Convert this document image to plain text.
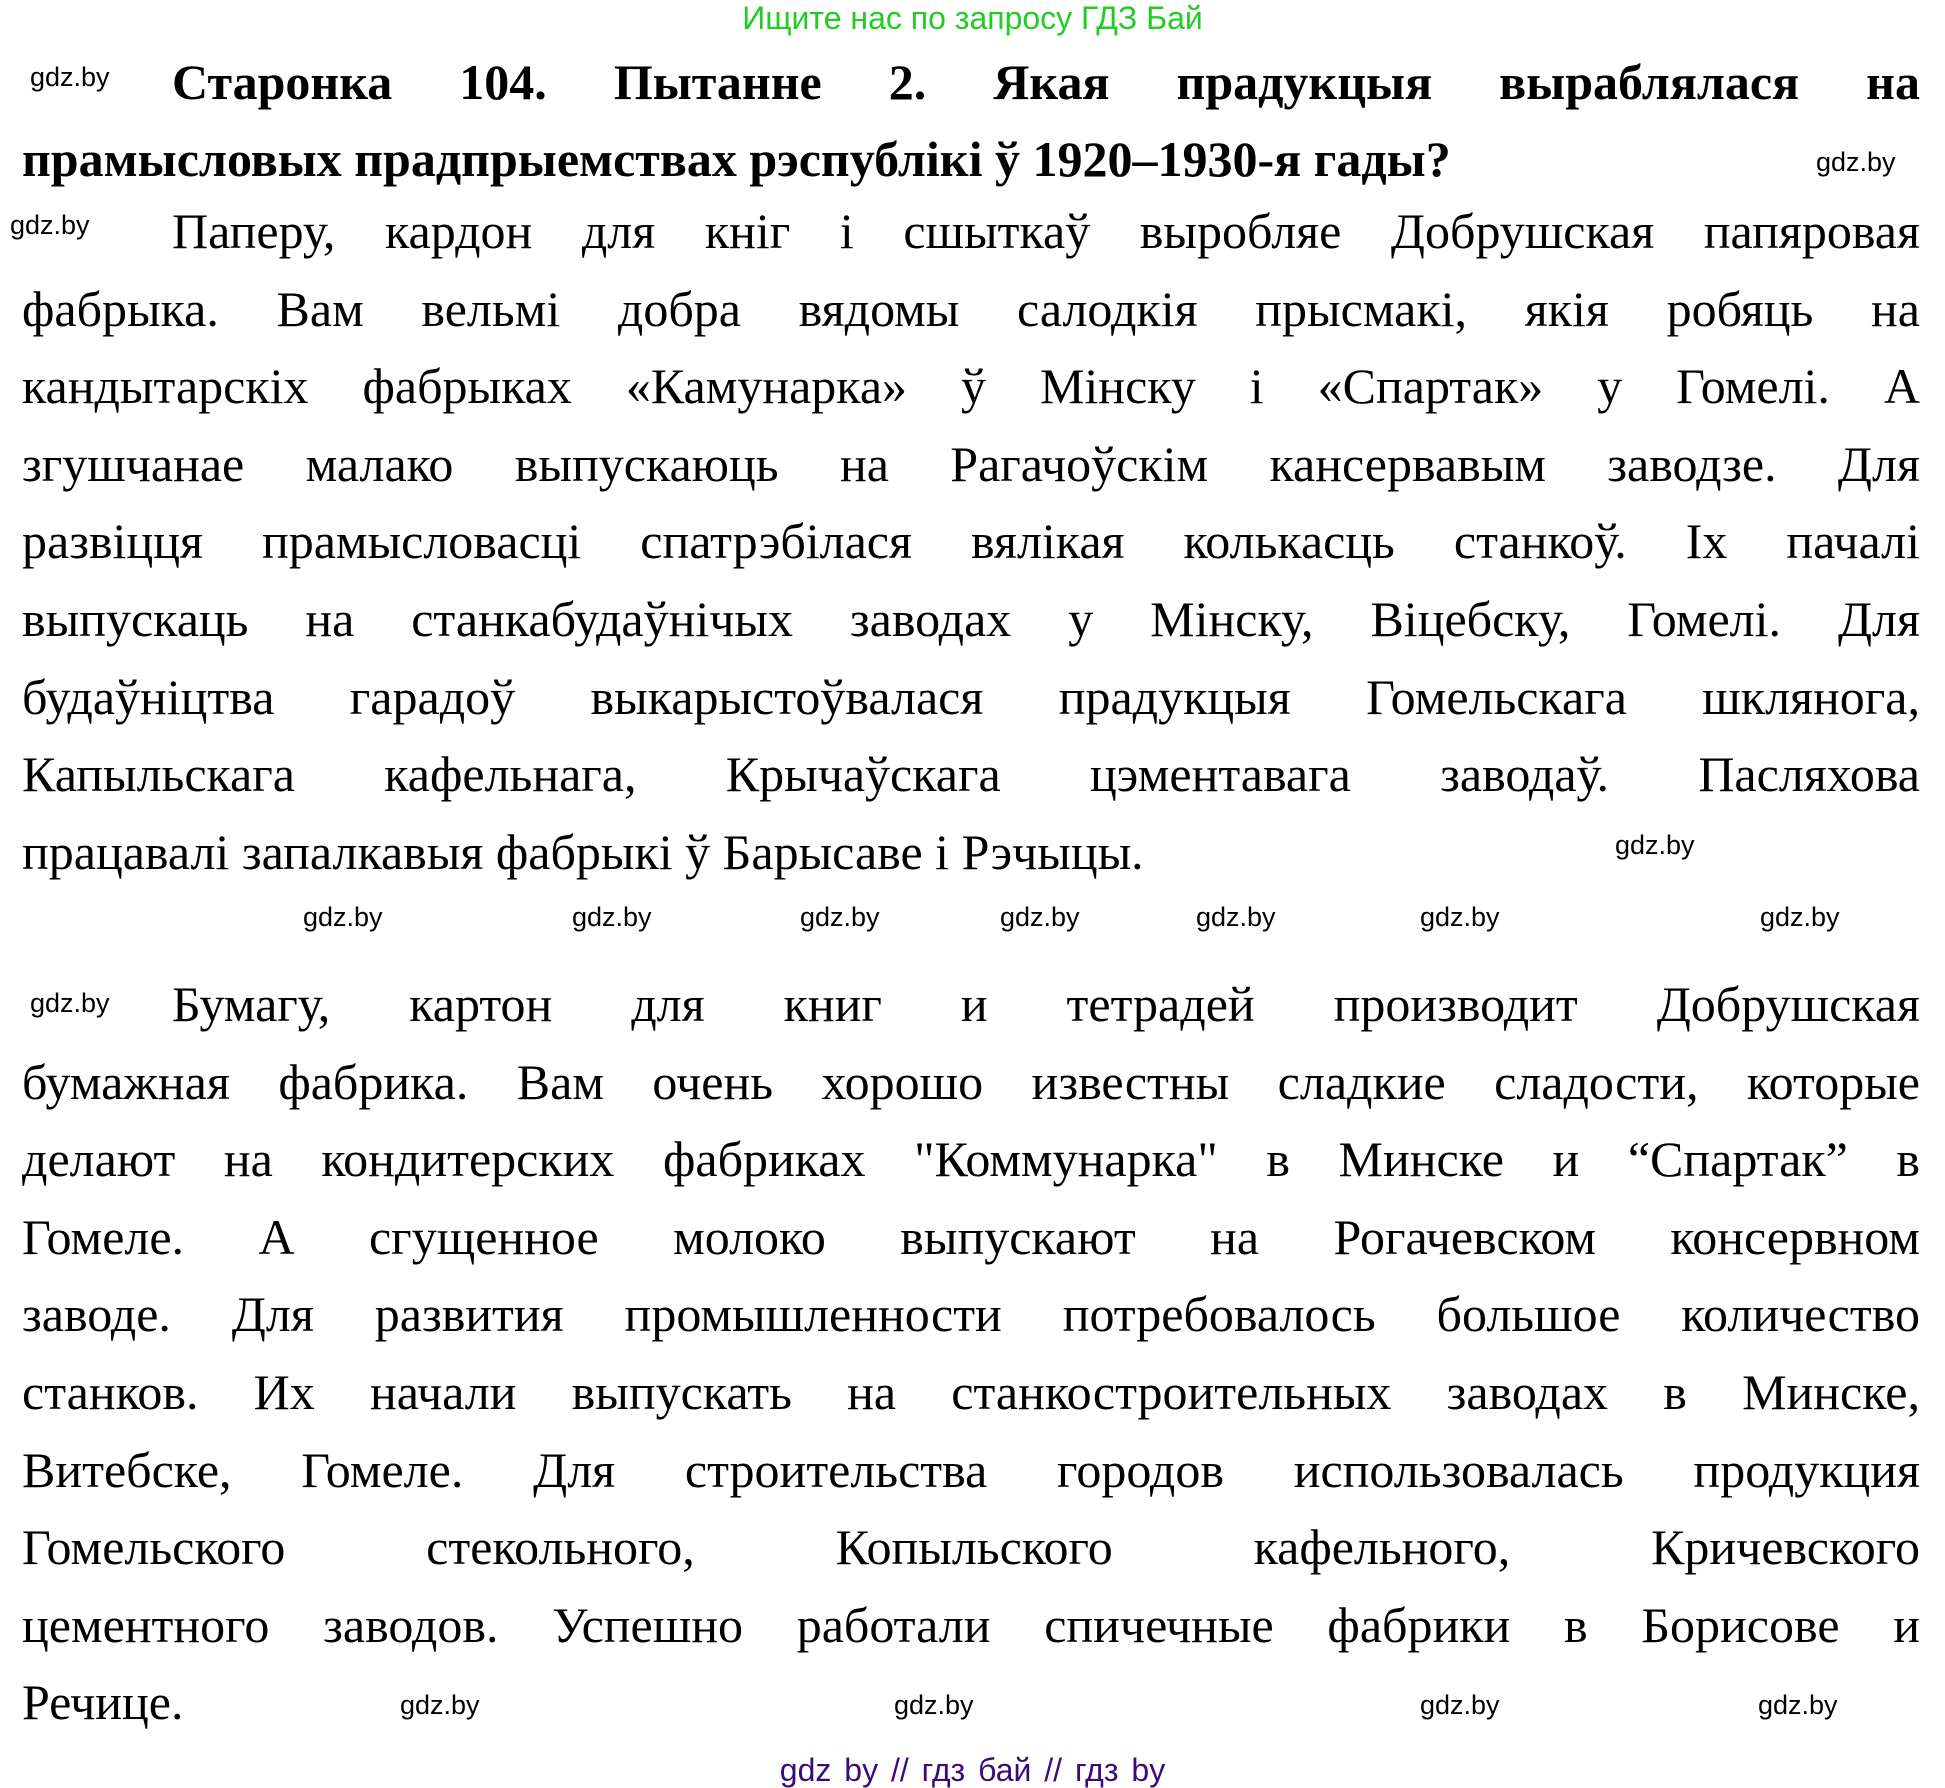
Ищите нас по запросу ГДЗ Бай
Старонка 104. Пытанне 2. Якая прадукцыя выраблялася на
прамысловых прадпрыемствах рэспублікі ў 1920–1930-я гады?
Паперу, кардон для кніг і сшыткаў выробляе Добрушская папяровая
фабрыка. Вам вельмі добра вядомы салодкія прысмакі, якія робяць на
кандытарскіх фабрыках «Камунарка» ў Мінску і «Спартак» у Гомелі. А
згушчанае малако выпускаюць на Рагачоўскім кансервавым заводзе. Для
развіцця прамысловасці спатрэбілася вялікая колькасць станкоў. Іх пачалі
выпускаць на станкабудаўнічых заводах у Мінску, Віцебску, Гомелі. Для
будаўніцтва гарадоў выкарыстоўвалася прадукцыя Гомельскага шклянога,
Капыльскага кафельнага, Крычаўскага цэментавага заводаў. Пасляхова
працавалі запалкавыя фабрыкі ў Барысаве і Рэчыцы.
Бумагу, картон для книг и тетрадей производит Добрушская
бумажная фабрика. Вам очень хорошо известны сладкие сладости, которые
делают на кондитерских фабриках "Коммунарка" в Минске и “Спартак” в
Гомеле. А сгущенное молоко выпускают на Рогачевском консервном
заводе. Для развития промышленности потребовалось большое количество
станков. Их начали выпускать на станкостроительных заводах в Минске,
Витебске, Гомеле. Для строительства городов использовалась продукция
Гомельского стекольного, Копыльского кафельного, Кричевского
цементного заводов. Успешно работали спичечные фабрики в Борисове и
Речице.
gdz.by
gdz.by
gdz.by
gdz.by
gdz.by	gdz.by	gdz.by	gdz.by	gdz.by	gdz.by	gdz.by
gdz.by
gdz.by	gdz.by	gdz.by	gdz.by
gdz by // гдз бай // гдз by
